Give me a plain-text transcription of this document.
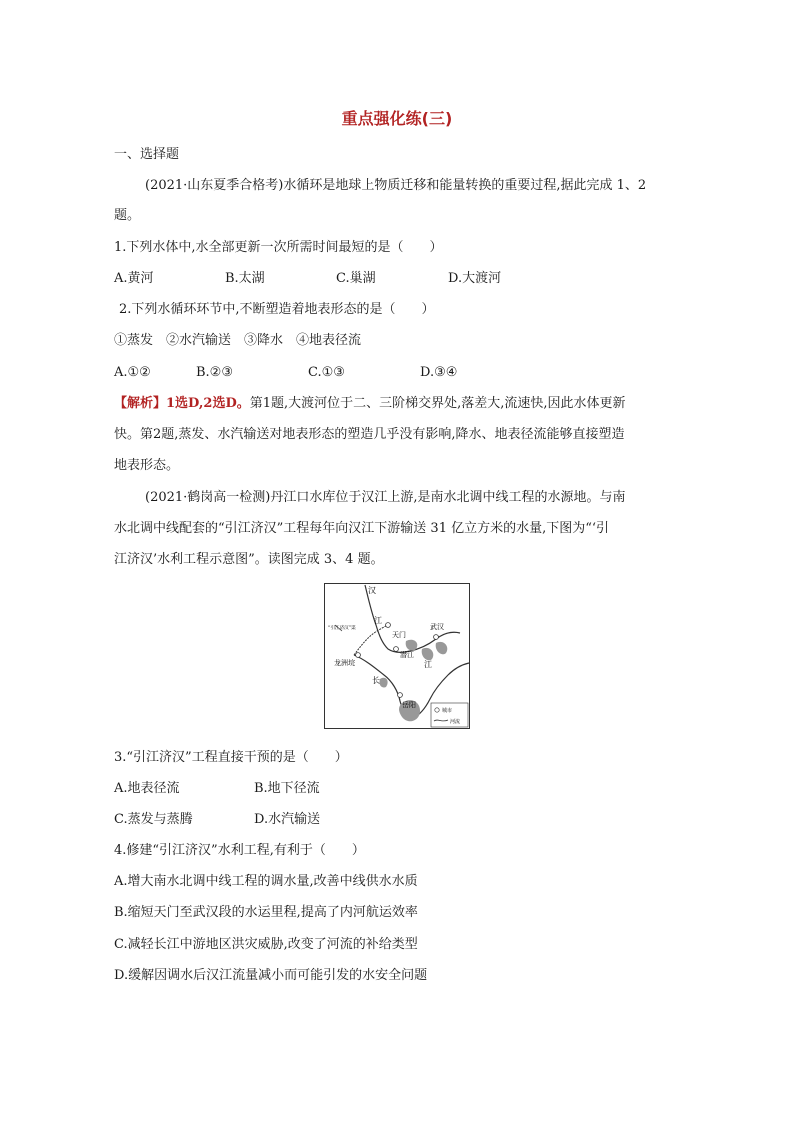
重点强化练(三)
一、选择题
(2021·山东夏季合格考)水循环是地球上物质迁移和能量转换的重要过程,据此完成 1、2
题。
1.下列水体中,水全部更新一次所需时间最短的是（　　）
A.黄河	B.太湖	C.巢湖	D.大渡河
2.下列水循环环节中,不断塑造着地表形态的是（　　）
①蒸发　②水汽输送　③降水　④地表径流
A.①②	B.②③	C.①③	D.③④
【解析】1选D,2选D。第1题,大渡河位于二、三阶梯交界处,落差大,流速快,因此水体更新
快。第2题,蒸发、水汽输送对地表形态的塑造几乎没有影响,降水、地表径流能够直接塑造
地表形态。
(2021·鹤岗高一检测)丹江口水库位于汉江上游,是南水北调中线工程的水源地。与南
水北调中线配套的“引江济汉”工程每年向汉江下游输送 31 亿立方米的水量,下图为“‘引
江济汉’水利工程示意图”。读图完成 3、4 题。
汉
江
“引江济汉”渠
天门
武汉
潜江
龙洲垸	江
长
岳阳
城市
河流
3.“引江济汉”工程直接干预的是（　　）
A.地表径流	B.地下径流
C.蒸发与蒸腾	D.水汽输送
4.修建“引江济汉”水利工程,有利于（　　）
A.增大南水北调中线工程的调水量,改善中线供水水质
B.缩短天门至武汉段的水运里程,提高了内河航运效率
C.减轻长江中游地区洪灾威胁,改变了河流的补给类型
D.缓解因调水后汉江流量减小而可能引发的水安全问题
